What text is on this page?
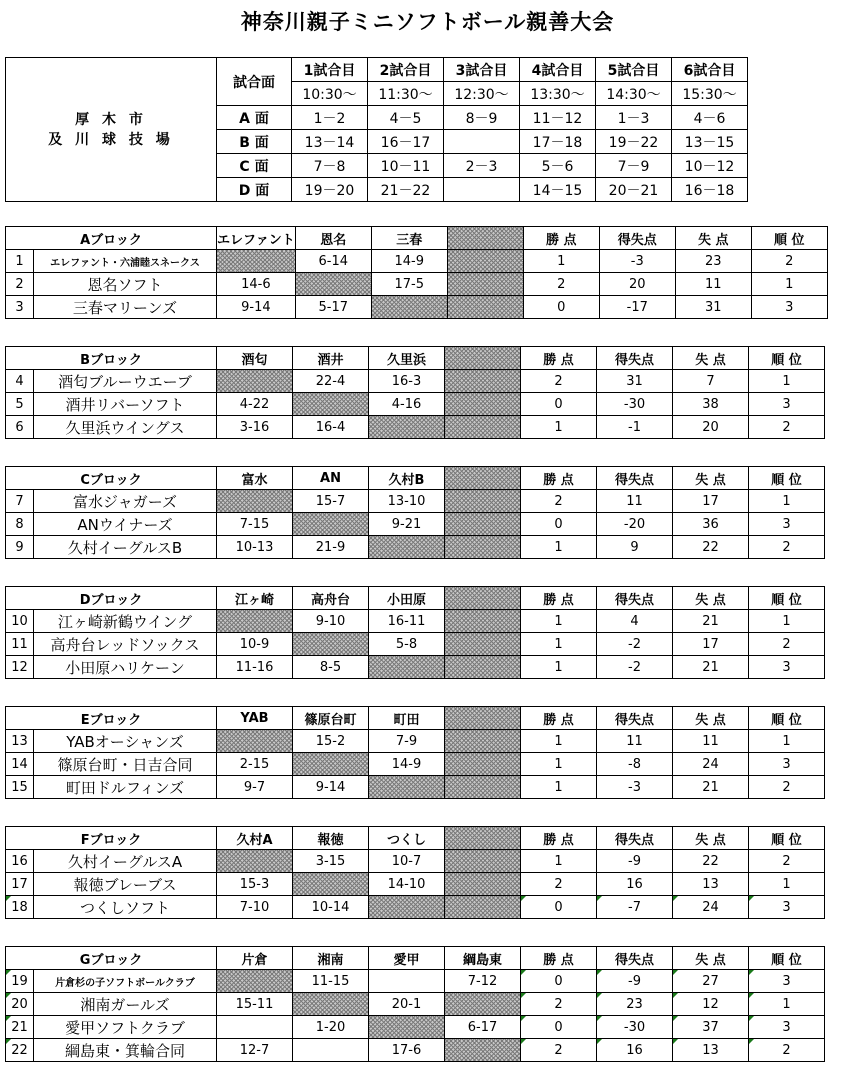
神奈川親子ミニソフトボール親善大会
厚 木 市
及 川 球 技 場	試合面	1試合目	2試合目	3試合目	4試合目	5試合目	6試合目
		10:30～	11:30～	12:30～	13:30～	14:30～	15:30～
	A 面	1－2	4－5	8－9	11－12	1－3	4－6
	B 面	13－14	16－17		17－18	19－22	13－15
	C 面	7－8	10－11	2－3	5－6	7－9	10－12
	D 面	19－20	21－22		14－15	20－21	16－18
Aブロック		エレファント	恩名	三春		勝 点	得失点	失 点	順 位
1	エレファント・六浦睦スネークス		6-14	14-9		1	-3	23	2
2	恩名ソフト	14-6		17-5		2	20	11	1
3	三春マリーンズ	9-14	5-17			0	-17	31	3
Bブロック		酒匂	酒井	久里浜		勝 点	得失点	失 点	順 位
4	酒匂ブルーウエーブ		22-4	16-3		2	31	7	1
5	酒井リバーソフト	4-22		4-16		0	-30	38	3
6	久里浜ウイングス	3-16	16-4			1	-1	20	2
Cブロック		富水	AN	久村B		勝 点	得失点	失 点	順 位
7	富水ジャガーズ		15-7	13-10		2	11	17	1
8	ANウイナーズ	7-15		9-21		0	-20	36	3
9	久村イーグルスB	10-13	21-9			1	9	22	2
Dブロック		江ヶ崎	高舟台	小田原		勝 点	得失点	失 点	順 位
10	江ヶ崎新鶴ウイング		9-10	16-11		1	4	21	1
11	高舟台レッドソックス	10-9		5-8		1	-2	17	2
12	小田原ハリケーン	11-16	8-5			1	-2	21	3
Eブロック		YAB	篠原台町	町田		勝 点	得失点	失 点	順 位
13	YABオーシャンズ		15-2	7-9		1	11	11	1
14	篠原台町・日吉合同	2-15		14-9		1	-8	24	3
15	町田ドルフィンズ	9-7	9-14			1	-3	21	2
Fブロック		久村A	報徳	つくし		勝 点	得失点	失 点	順 位
16	久村イーグルスA		3-15	10-7		1	-9	22	2
17	報徳ブレーブス	15-3		14-10		2	16	13	1
18	つくしソフト	7-10	10-14			0	-7	24	3
Gブロック		片倉	湘南	愛甲	綱島東	勝 点	得失点	失 点	順 位
19	片倉杉の子ソフトボールクラブ		11-15		7-12	0	-9	27	3
20	湘南ガールズ	15-11		20-1		2	23	12	1
21	愛甲ソフトクラブ		1-20		6-17	0	-30	37	3
22	綱島東・箕輪合同	12-7		17-6		2	16	13	2
